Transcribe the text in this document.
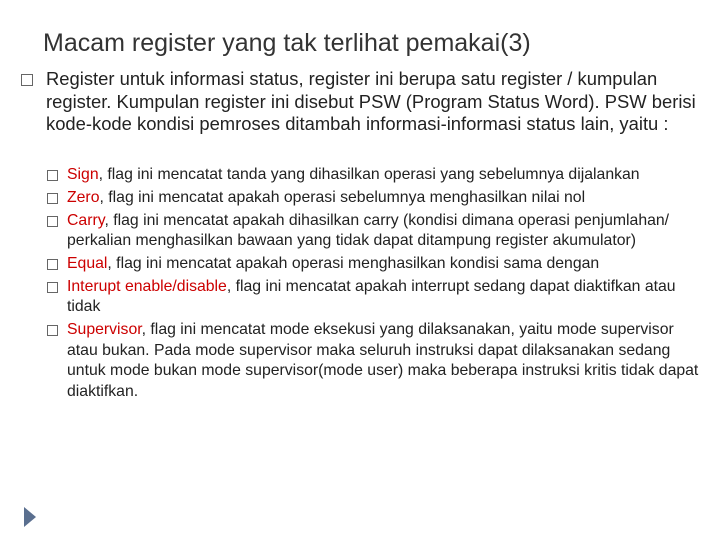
Macam register yang tak terlihat pemakai(3)
Register untuk informasi status, register ini berupa satu register / kumpulan register. Kumpulan register ini disebut PSW (Program Status Word). PSW berisi kode-kode kondisi pemroses ditambah informasi-informasi status lain, yaitu :
Sign, flag ini mencatat tanda yang dihasilkan operasi yang sebelumnya dijalankan
Zero, flag ini mencatat apakah operasi sebelumnya menghasilkan nilai nol
Carry, flag ini mencatat apakah dihasilkan carry (kondisi dimana operasi penjumlahan/ perkalian menghasilkan bawaan yang tidak dapat ditampung register akumulator)
Equal, flag ini mencatat apakah operasi menghasilkan kondisi sama dengan
Interupt enable/disable, flag ini mencatat apakah interrupt sedang dapat diaktifkan atau tidak
Supervisor, flag ini mencatat mode eksekusi yang dilaksanakan, yaitu mode supervisor atau bukan. Pada mode supervisor maka seluruh instruksi dapat dilaksanakan sedang untuk mode bukan mode supervisor(mode user) maka beberapa instruksi kritis tidak dapat diaktifkan.
